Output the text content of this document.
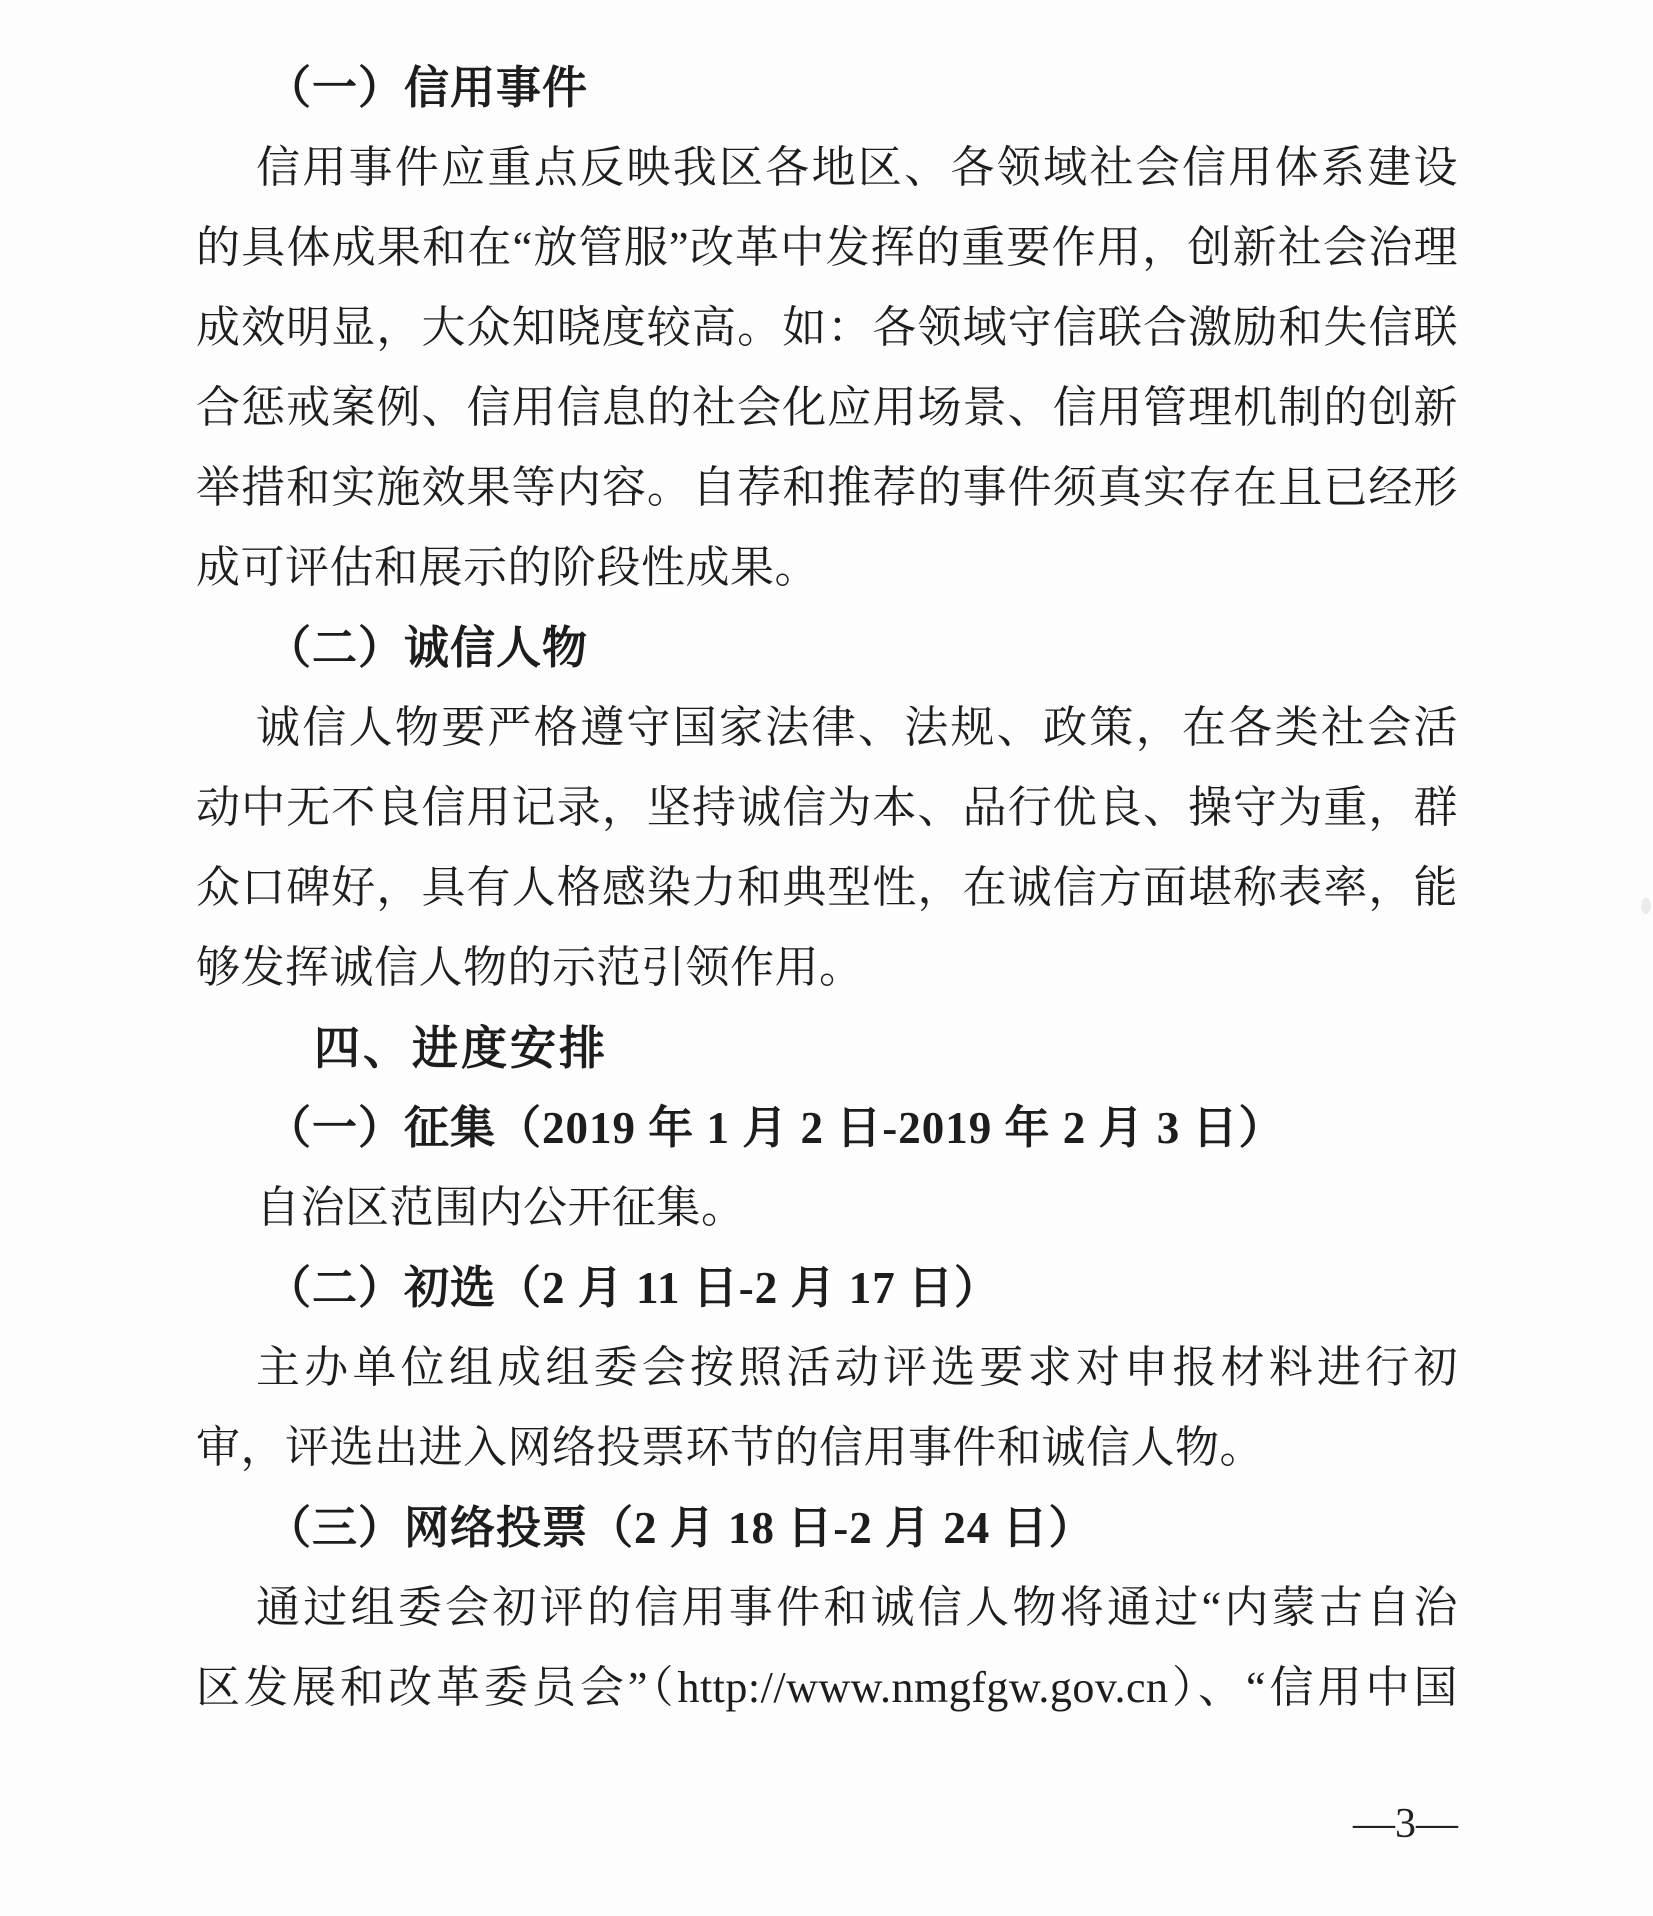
（一）信用事件
信用事件应重点反映我区各地区、各领域社会信用体系建设
的具体成果和在“放管服”改革中发挥的重要作用，创新社会治理
成效明显，大众知晓度较高。如：各领域守信联合激励和失信联
合惩戒案例、信用信息的社会化应用场景、信用管理机制的创新
举措和实施效果等内容。自荐和推荐的事件须真实存在且已经形
成可评估和展示的阶段性成果。
（二）诚信人物
诚信人物要严格遵守国家法律、法规、政策，在各类社会活
动中无不良信用记录，坚持诚信为本、品行优良、操守为重，群
众口碑好，具有人格感染力和典型性，在诚信方面堪称表率，能
够发挥诚信人物的示范引领作用。
四、进度安排
（一）征集（2019 年 1 月 2 日-2019 年 2 月 3 日）
自治区范围内公开征集。
（二）初选（2 月 11 日-2 月 17 日）
主办单位组成组委会按照活动评选要求对申报材料进行初
审，评选出进入网络投票环节的信用事件和诚信人物。
（三）网络投票（2 月 18 日-2 月 24 日）
通过组委会初评的信用事件和诚信人物将通过“内蒙古自治
区发展和改革委员会”（http://www.nmgfgw.gov.cn）、“信用中国
—3—
